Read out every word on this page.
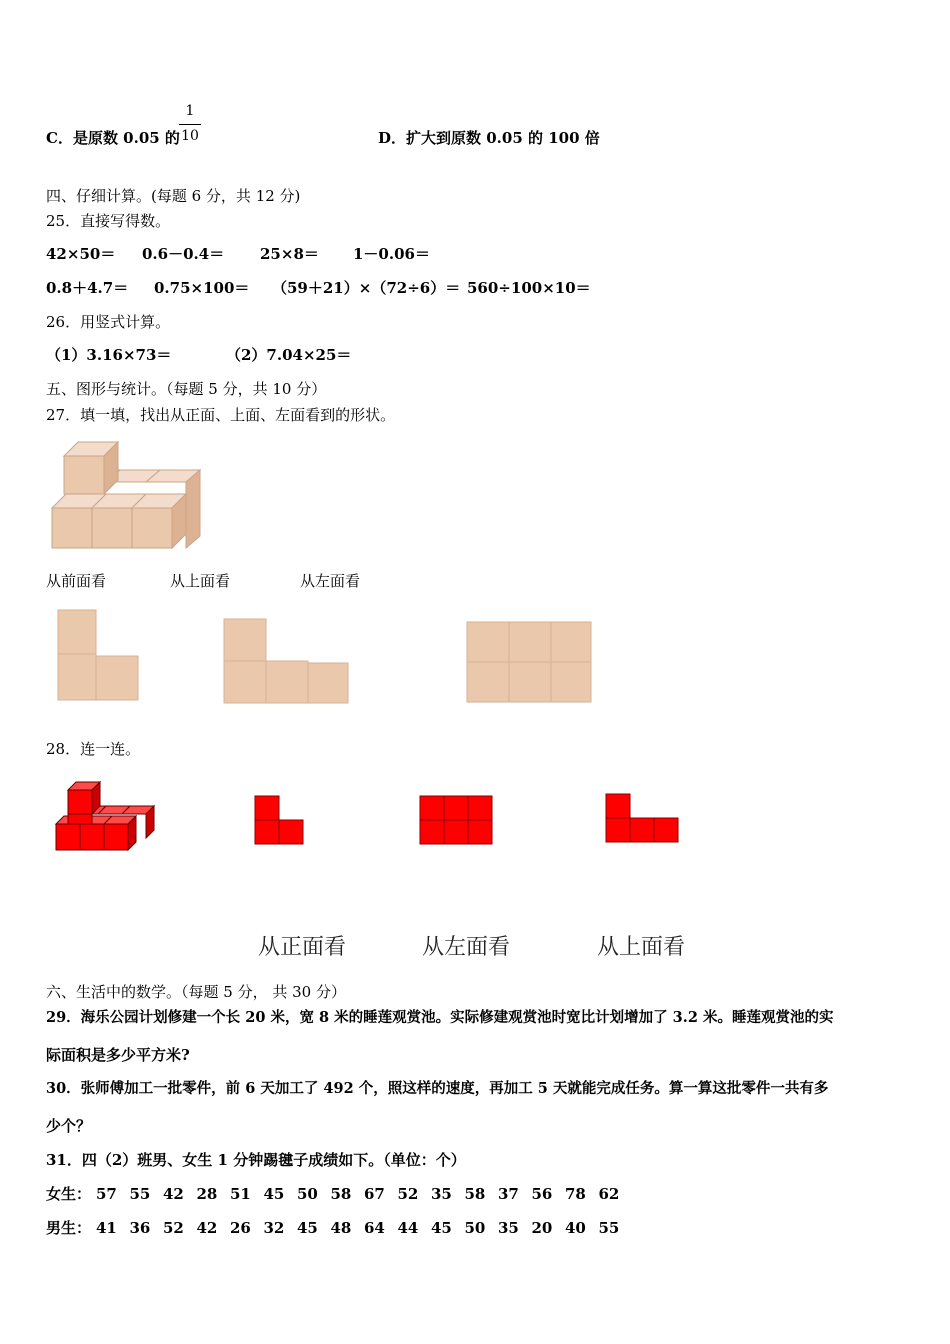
C．是原数 0.05 的
1
10	D．扩大到原数 0.05 的 100 倍
四、仔细计算。(每题 6 分，共 12 分)
25．直接写得数。
42×50＝ 0.6－0.4＝ 25×8＝ 1－0.06＝
0.8＋4.7＝ 0.75×100＝ （59＋21）×（72÷6）＝ 560÷100×10＝
26．用竖式计算。
（1）3.16×73＝	（2）7.04×25＝
五、图形与统计。（每题 5 分，共 10 分）
27．填一填，找出从正面、上面、左面看到的形状。
从前面看	从上面看	从左面看
28．连一连。
从正面看	从左面看	从上面看
六、生活中的数学。（每题 5 分， 共 30 分）
29．海乐公园计划修建一个长 20 米，宽 8 米的睡莲观赏池。实际修建观赏池时宽比计划增加了 3.2 米。睡莲观赏池的实
际面积是多少平方米?
30．张师傅加工一批零件，前 6 天加工了 492 个，照这样的速度，再加工 5 天就能完成任务。算一算这批零件一共有多
少个？
31．四（2）班男、女生 1 分钟踢毽子成绩如下。（单位：个）
女生： 57 55 42 28 51 45 50 58 67 52 35 58 37 56 78 62
男生： 41 36 52 42 26 32 45 48 64 44 45 50 35 20 40 55
